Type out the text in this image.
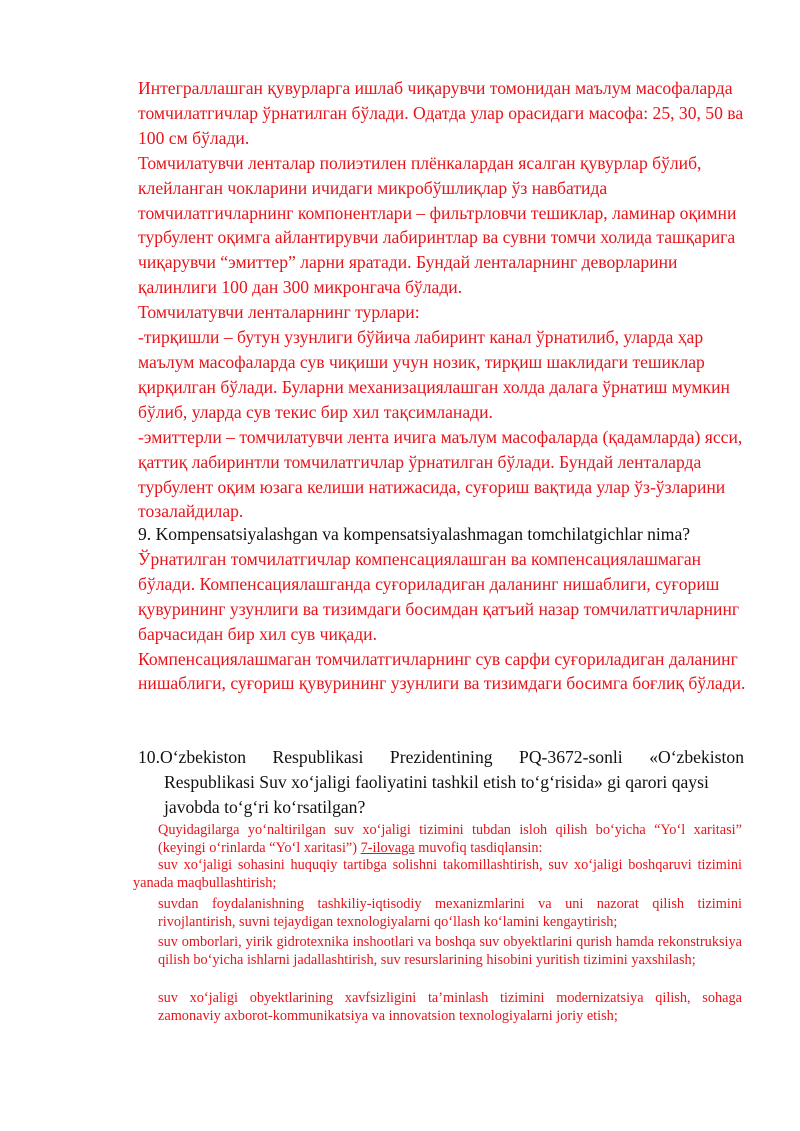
Интеграллашган қувурларга ишлаб чиқарувчи томонидан маълум масофаларда томчилатгичлар ўрнатилган бўлади. Одатда улар орасидаги масофа: 25, 30, 50 ва 100 см бўлади.

Томчилатувчи ленталар полиэтилен плёнкалардан ясалган қувурлар бўлиб, клейланган чокларини ичидаги микробўшлиқлар ўз навбатида томчилатгичларнинг компонентлари – фильтрловчи тешиклар, ламинар оқимни турбулент оқимга айлантирувчи лабиринтлар ва сувни томчи холида ташқарига чиқарувчи “эмиттер” ларни яратади. Бундай ленталарнинг деворларини қалинлиги 100 дан 300 микронгача бўлади.

Томчилатувчи ленталарнинг турлари:

-тирқишли – бутун узунлиги бўйича лабиринт канал ўрнатилиб, уларда ҳар маълум масофаларда сув чиқиши учун нозик, тирқиш шаклидаги тешиклар қирқилган бўлади. Буларни механизациялашган холда далага ўрнатиш мумкин бўлиб, уларда сув текис бир хил тақсимланади.

-эмиттерли – томчилатувчи лента ичига маълум масофаларда (қадамларда) ясси, қаттиқ лабиринтли томчилатгичлар ўрнатилган бўлади. Бундай ленталарда турбулент оқим юзага келиши натижасида, суғориш вақтида улар ўз-ўзларини тозалайдилар.

9. Kompensatsiyalashgan va kompensatsiyalashmagan tomchilatgichlar nima?

Ўрнатилган томчилатгичлар компенсациялашган ва компенсациялашмаган бўлади. Компенсациялашганда суғориладиган даланинг нишаблиги, суғориш қувурининг узунлиги ва тизимдаги босимдан қатъий назар томчилатгичларнинг барчасидан бир хил сув чиқади.

Компенсациялашмаган томчилатгичларнинг сув сарфи суғориладиган даланинг нишаблиги, суғориш қувурининг узунлиги ва тизимдаги босимга боғлиқ бўлади.

10.O‘zbekiston Respublikasi Prezidentining PQ-3672-sonli «O‘zbekiston
Respublikasi Suv xo‘jaligi faoliyatini tashkil etish to‘g‘risida» gi qarori qaysi javobda to‘g‘ri ko‘rsatilgan?
Quyidagilarga yo‘naltirilgan suv xo‘jaligi tizimini tubdan isloh qilish bo‘yicha “Yo‘l xaritasi” (keyingi o‘rinlarda “Yo‘l xaritasi”) 7-ilovaga muvofiq tasdiqlansin:
suv xo‘jaligi sohasini huquqiy tartibga solishni takomillashtirish, suv xo‘jaligi boshqaruvi tizimini yanada maqbullashtirish;
suvdan foydalanishning tashkiliy-iqtisodiy mexanizmlarini va uni nazorat qilish tizimini rivojlantirish, suvni tejaydigan texnologiyalarni qo‘llash ko‘lamini kengaytirish;
suv omborlari, yirik gidrotexnika inshootlari va boshqa suv obyektlarini qurish hamda rekonstruksiya qilish bo‘yicha ishlarni jadallashtirish, suv resurslarining hisobini yuritish tizimini yaxshilash;
suv xo‘jaligi obyektlarining xavfsizligini ta’minlash tizimini modernizatsiya qilish, sohaga zamonaviy axborot-kommunikatsiya va innovatsion texnologiyalarni joriy etish;
